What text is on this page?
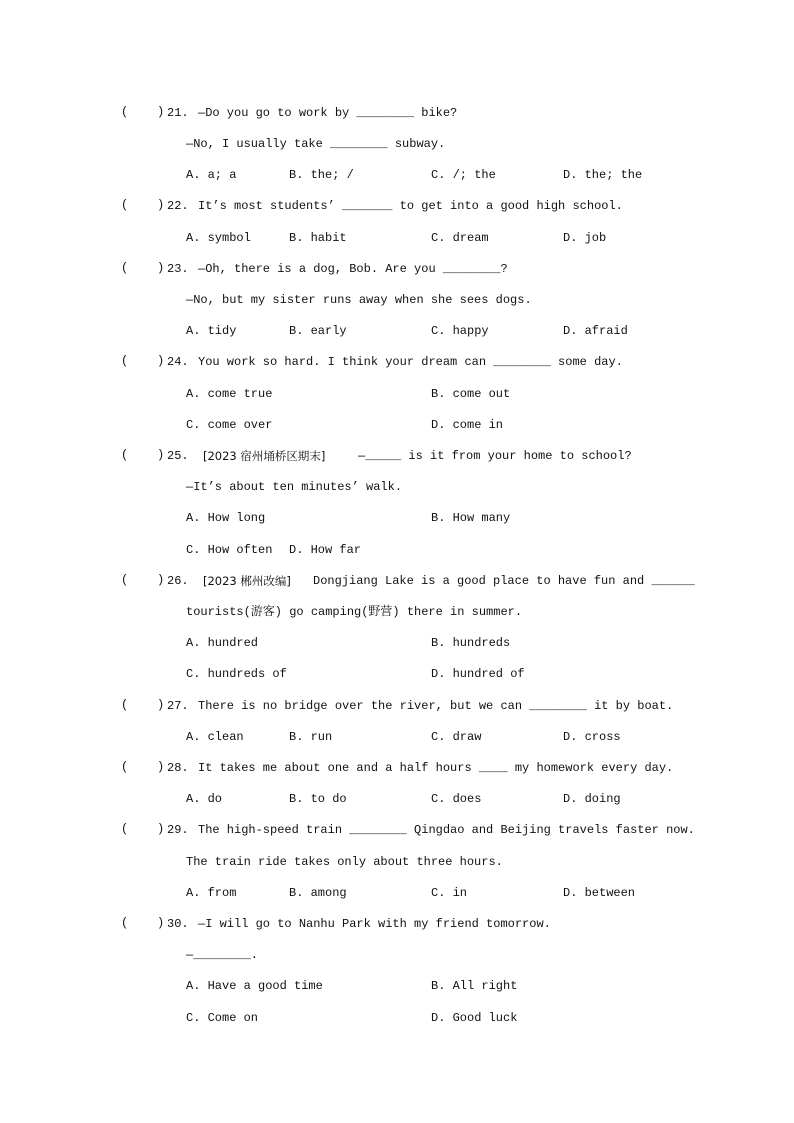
(    ) 21. —Do you go to work by ________ bike?
—No, I usually take ________ subway.
A. a; a	B. the; /	C. /; the	D. the; the
(    ) 22. It’s most students’ _______ to get into a good high school.
A. symbol	B. habit	C. dream	D. job
(    ) 23. —Oh, there is a dog, Bob. Are you ________?
—No, but my sister runs away when she sees dogs.
A. tidy	B. early	C. happy	D. afraid
(    ) 24. You work so hard. I think your dream can ________ some day.
A. come true	B. come out
C. come over	D. come in
(    ) 25. [2023 宿州埇桥区期末]	—_____ is it from your home to school?
—It’s about ten minutes’ walk.
A. How long	B. How many
C. How often D. How far
(    ) 26. [2023 郴州改编] Dongjiang Lake is a good place to have fun and ______
tourists(游客) go camping(野营) there in summer.
A. hundred	B. hundreds
C. hundreds of	D. hundred of
(    ) 27. There is no bridge over the river, but we can ________ it by boat.
A. clean	B. run	C. draw	D. cross
(    ) 28. It takes me about one and a half hours ____ my homework every day.
A. do	B. to do	C. does	D. doing
(    ) 29. The high-speed train ________ Qingdao and Beijing travels faster now.
The train ride takes only about three hours.
A. from	B. among	C. in	D. between
(    ) 30. —I will go to Nanhu Park with my friend tomorrow.
—________.
A. Have a good time	B. All right
C. Come on	D. Good luck
